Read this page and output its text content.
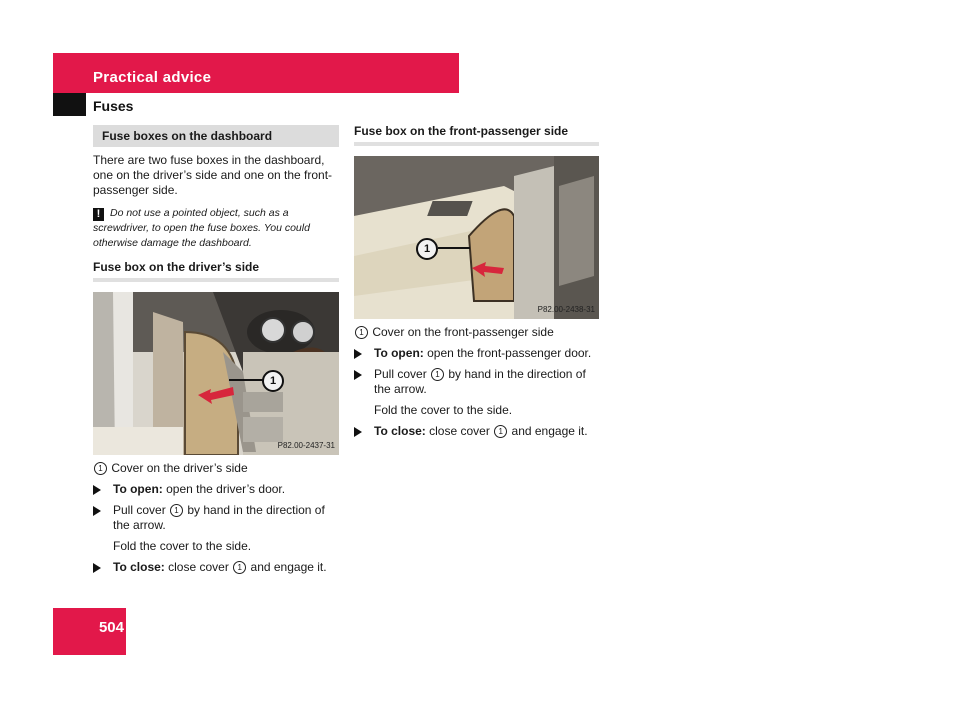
Practical advice
Fuses
Fuse boxes on the dashboard

There are two fuse boxes in the dashboard, one on the driver’s side and one on the front-passenger side.

! Do not use a pointed object, such as a screwdriver, to open the fuse boxes. You could otherwise damage the dashboard.
Fuse box on the driver’s side
1
P82.00-2437-31

1 Cover on the driver’s side

To open: open the driver’s door.
Pull cover 1 by hand in the direction of the arrow.

Fold the cover to the side.

To close: close cover 1 and engage it.
Fuse box on the front-passenger side
1
P82.00-2438-31

1 Cover on the front-passenger side

To open: open the front-passenger door.
Pull cover 1 by hand in the direction of the arrow.

Fold the cover to the side.

To close: close cover 1 and engage it.
504
